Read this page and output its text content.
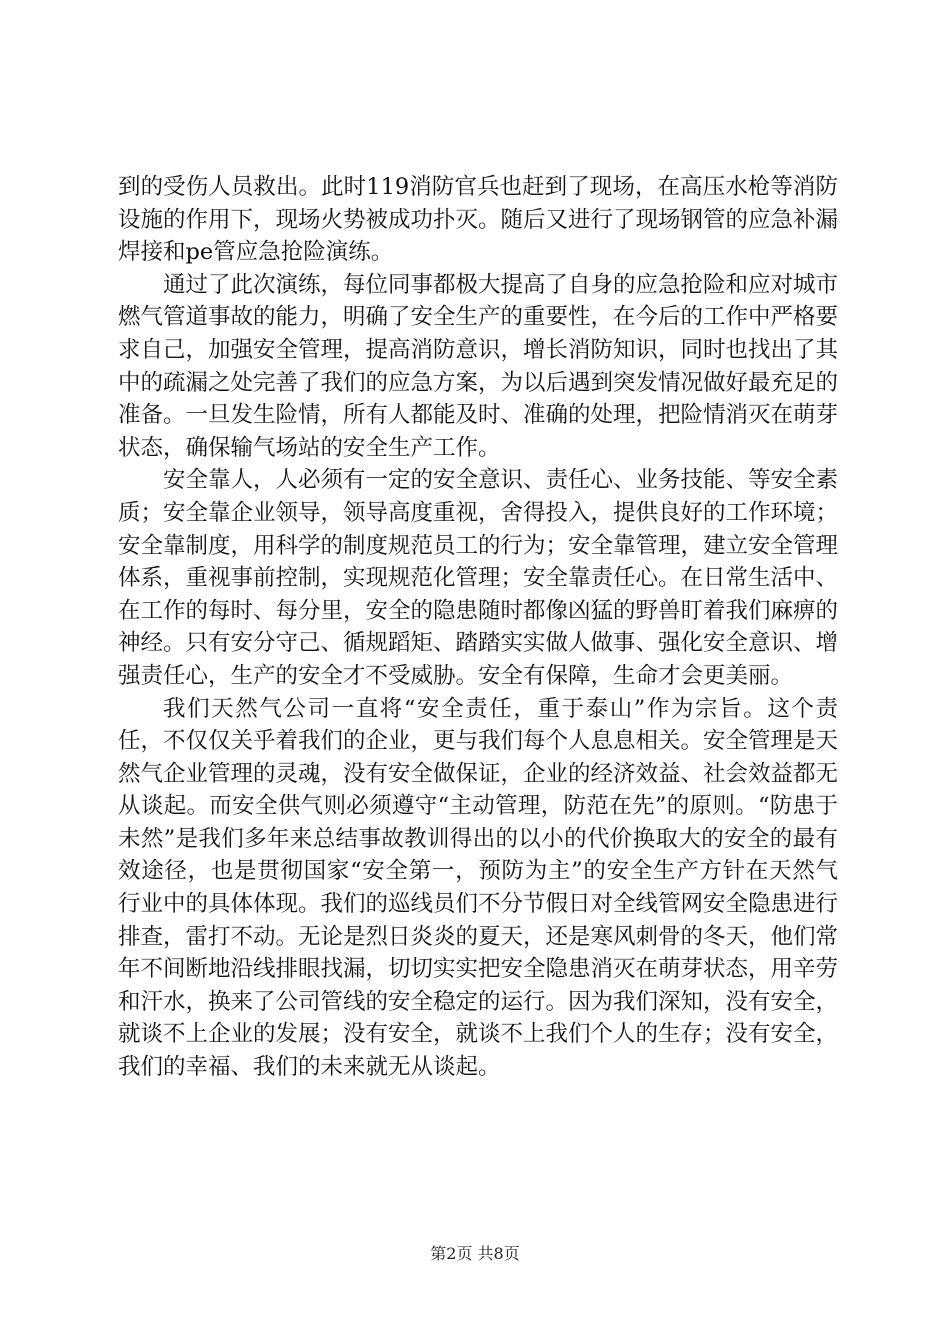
到的受伤人员救出。此时119消防官兵也赶到了现场，在高压水枪等消防设施的作用下，现场火势被成功扑灭。随后又进行了现场钢管的应急补漏焊接和pe管应急抢险演练。

通过了此次演练，每位同事都极大提高了自身的应急抢险和应对城市燃气管道事故的能力，明确了安全生产的重要性，在今后的工作中严格要求自己，加强安全管理，提高消防意识，增长消防知识，同时也找出了其中的疏漏之处完善了我们的应急方案，为以后遇到突发情况做好最充足的准备。一旦发生险情，所有人都能及时、准确的处理，把险情消灭在萌芽状态，确保输气场站的安全生产工作。

安全靠人，人必须有一定的安全意识、责任心、业务技能、等安全素质；安全靠企业领导，领导高度重视，舍得投入，提供良好的工作环境；安全靠制度，用科学的制度规范员工的行为；安全靠管理，建立安全管理体系，重视事前控制，实现规范化管理；安全靠责任心。在日常生活中、在工作的每时、每分里，安全的隐患随时都像凶猛的野兽盯着我们麻痹的神经。只有安分守己、循规蹈矩、踏踏实实做人做事、强化安全意识、增强责任心，生产的安全才不受威胁。安全有保障，生命才会更美丽。

我们天然气公司一直将“安全责任，重于泰山”作为宗旨。这个责任，不仅仅关乎着我们的企业，更与我们每个人息息相关。安全管理是天然气企业管理的灵魂，没有安全做保证，企业的经济效益、社会效益都无从谈起。而安全供气则必须遵守“主动管理，防范在先”的原则。“防患于未然”是我们多年来总结事故教训得出的以小的代价换取大的安全的最有效途径，也是贯彻国家“安全第一，预防为主”的安全生产方针在天然气行业中的具体体现。我们的巡线员们不分节假日对全线管网安全隐患进行排查，雷打不动。无论是烈日炎炎的夏天，还是寒风刺骨的冬天，他们常年不间断地沿线排眼找漏，切切实实把安全隐患消灭在萌芽状态，用辛劳和汗水，换来了公司管线的安全稳定的运行。因为我们深知，没有安全，就谈不上企业的发展；没有安全，就谈不上我们个人的生存；没有安全，我们的幸福、我们的未来就无从谈起。

第2页 共8页
